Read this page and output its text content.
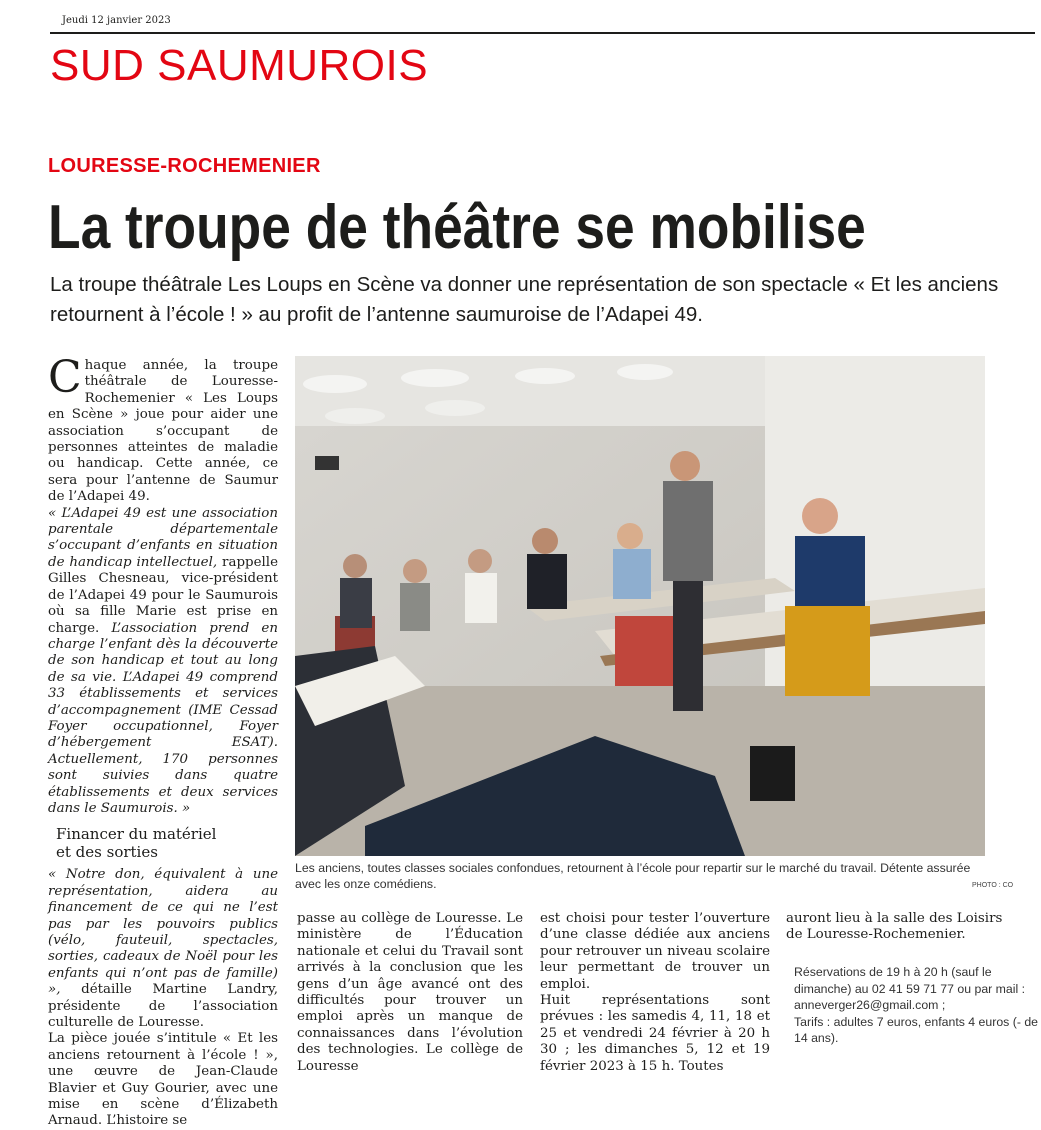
Jeudi 12 janvier 2023
SUD SAUMUROIS
LOURESSE-ROCHEMENIER
La troupe de théâtre se mobilise
La troupe théâtrale Les Loups en Scène va donner une représentation de son spectacle « Et les anciens retournent à l’école ! » au profit de l’antenne saumuroise de l’Adapei 49.

Chaque année, la troupe théâtrale de Louresse-Rochemenier « Les Loups en Scène » joue pour aider une association s’occupant de personnes atteintes de maladie ou handicap. Cette année, ce sera pour l’antenne de Saumur de l’Adapei 49.

« L’Adapei 49 est une association parentale départementale s’occupant d’enfants en situation de handicap intellectuel, rappelle Gilles Chesneau, vice-président de l’Adapei 49 pour le Saumurois où sa fille Marie est prise en charge. L’association prend en charge l’enfant dès la découverte de son handicap et tout au long de sa vie. L’Adapei 49 comprend 33 établissements et services d’accompagnement (IME Cessad Foyer occupationnel, Foyer d’hébergement ESAT). Actuellement, 170 personnes sont suivies dans quatre établissements et deux services dans le Saumurois. »

Financer du matériel
et des sorties

« Notre don, équivalent à une représentation, aidera au financement de ce qui ne l’est pas par les pouvoirs publics (vélo, fauteuil, spectacles, sorties, cadeaux de Noël pour les enfants qui n’ont pas de famille) », détaille Martine Landry, présidente de l’association culturelle de Louresse.

La pièce jouée s’intitule « Et les anciens retournent à l’école ! », une œuvre de Jean-Claude Blavier et Guy Gourier, avec une mise en scène d’Élizabeth Arnaud. L’histoire se

Les anciens, toutes classes sociales confondues, retournent à l’école pour repartir sur le marché du travail. Détente assurée avec les onze comédiens.	PHOTO : CO

passe au collège de Louresse. Le ministère de l’Éducation nationale et celui du Travail sont arrivés à la conclusion que les gens d’un âge avancé ont des difficultés pour trouver un emploi après un manque de connaissances dans l’évolution des technologies. Le collège de Louresse

est choisi pour tester l’ouverture d’une classe dédiée aux anciens pour retrouver un niveau scolaire leur permettant de trouver un emploi.

Huit représentations sont prévues : les samedis 4, 11, 18 et 25 et vendredi 24 février à 20 h 30 ; les dimanches 5, 12 et 19 février 2023 à 15 h. Toutes

auront lieu à la salle des Loisirs de Louresse-Rochemenier.

Réservations de 19 h à 20 h (sauf le dimanche) au 02 41 59 71 77 ou par mail : anneverger26@gmail.com ;

Tarifs : adultes 7 euros, enfants 4 euros (- de 14 ans).
